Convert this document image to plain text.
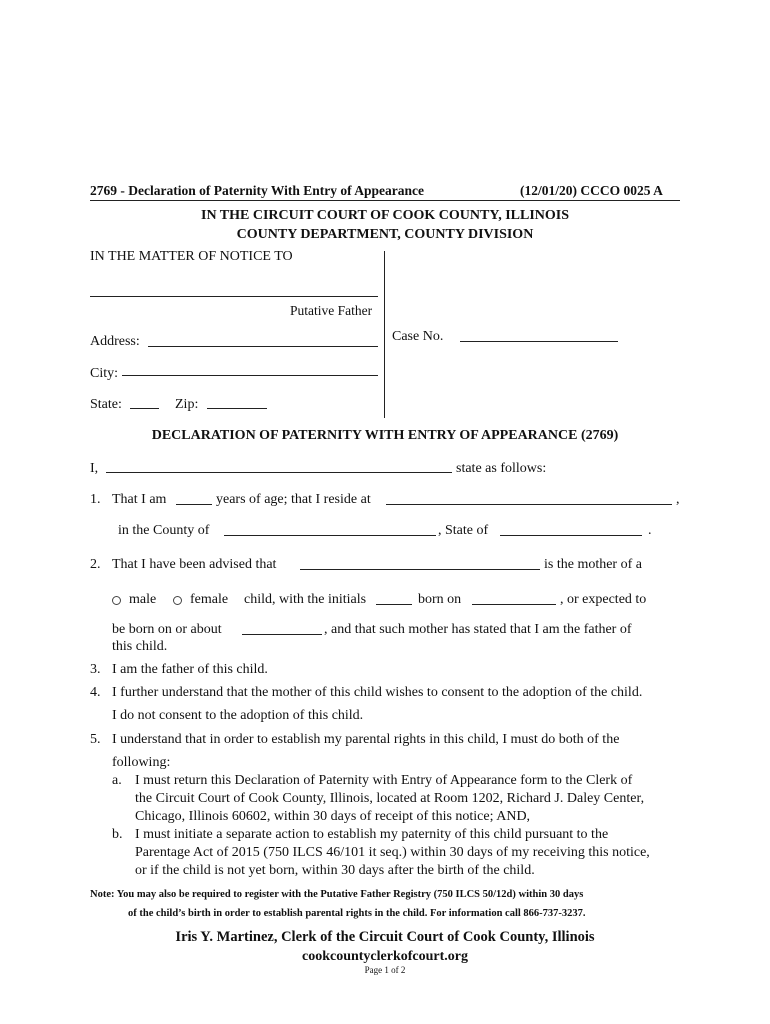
2769 - Declaration of Paternity With Entry of Appearance	(12/01/20) CCCO 0025 A
IN THE CIRCUIT COURT OF COOK COUNTY, ILLINOIS
COUNTY DEPARTMENT, COUNTY DIVISION
IN THE MATTER OF NOTICE TO
Putative Father
Address:
City:
State:	Zip:
Case No.
DECLARATION OF PATERNITY WITH ENTRY OF APPEARANCE (2769)
I,	state as follows:
1. That I am	years of age; that I reside at	,
in the County of	, State of	.
2. That I have been advised that	is the mother of a
male female child, with the initials	born on	, or expected to
be born on or about	, and that such mother has stated that I am the father of
this child.
3. I am the father of this child.
4. I further understand that the mother of this child wishes to consent to the adoption of the child.
I do not consent to the adoption of this child.
5. I understand that in order to establish my parental rights in this child, I must do both of the
following:
a. I must return this Declaration of Paternity with Entry of Appearance form to the Clerk of
the Circuit Court of Cook County, Illinois, located at Room 1202, Richard J. Daley Center,
Chicago, Illinois 60602, within 30 days of receipt of this notice; AND,
b. I must initiate a separate action to establish my paternity of this child pursuant to the
Parentage Act of 2015 (750 ILCS 46/101 it seq.) within 30 days of my receiving this notice,
or if the child is not yet born, within 30 days after the birth of the child.
Note: You may also be required to register with the Putative Father Registry (750 ILCS 50/12d) within 30 days
of the child’s birth in order to establish parental rights in the child. For information call 866-737-3237.
Iris Y. Martinez, Clerk of the Circuit Court of Cook County, Illinois
cookcountyclerkofcourt.org
Page 1 of 2
